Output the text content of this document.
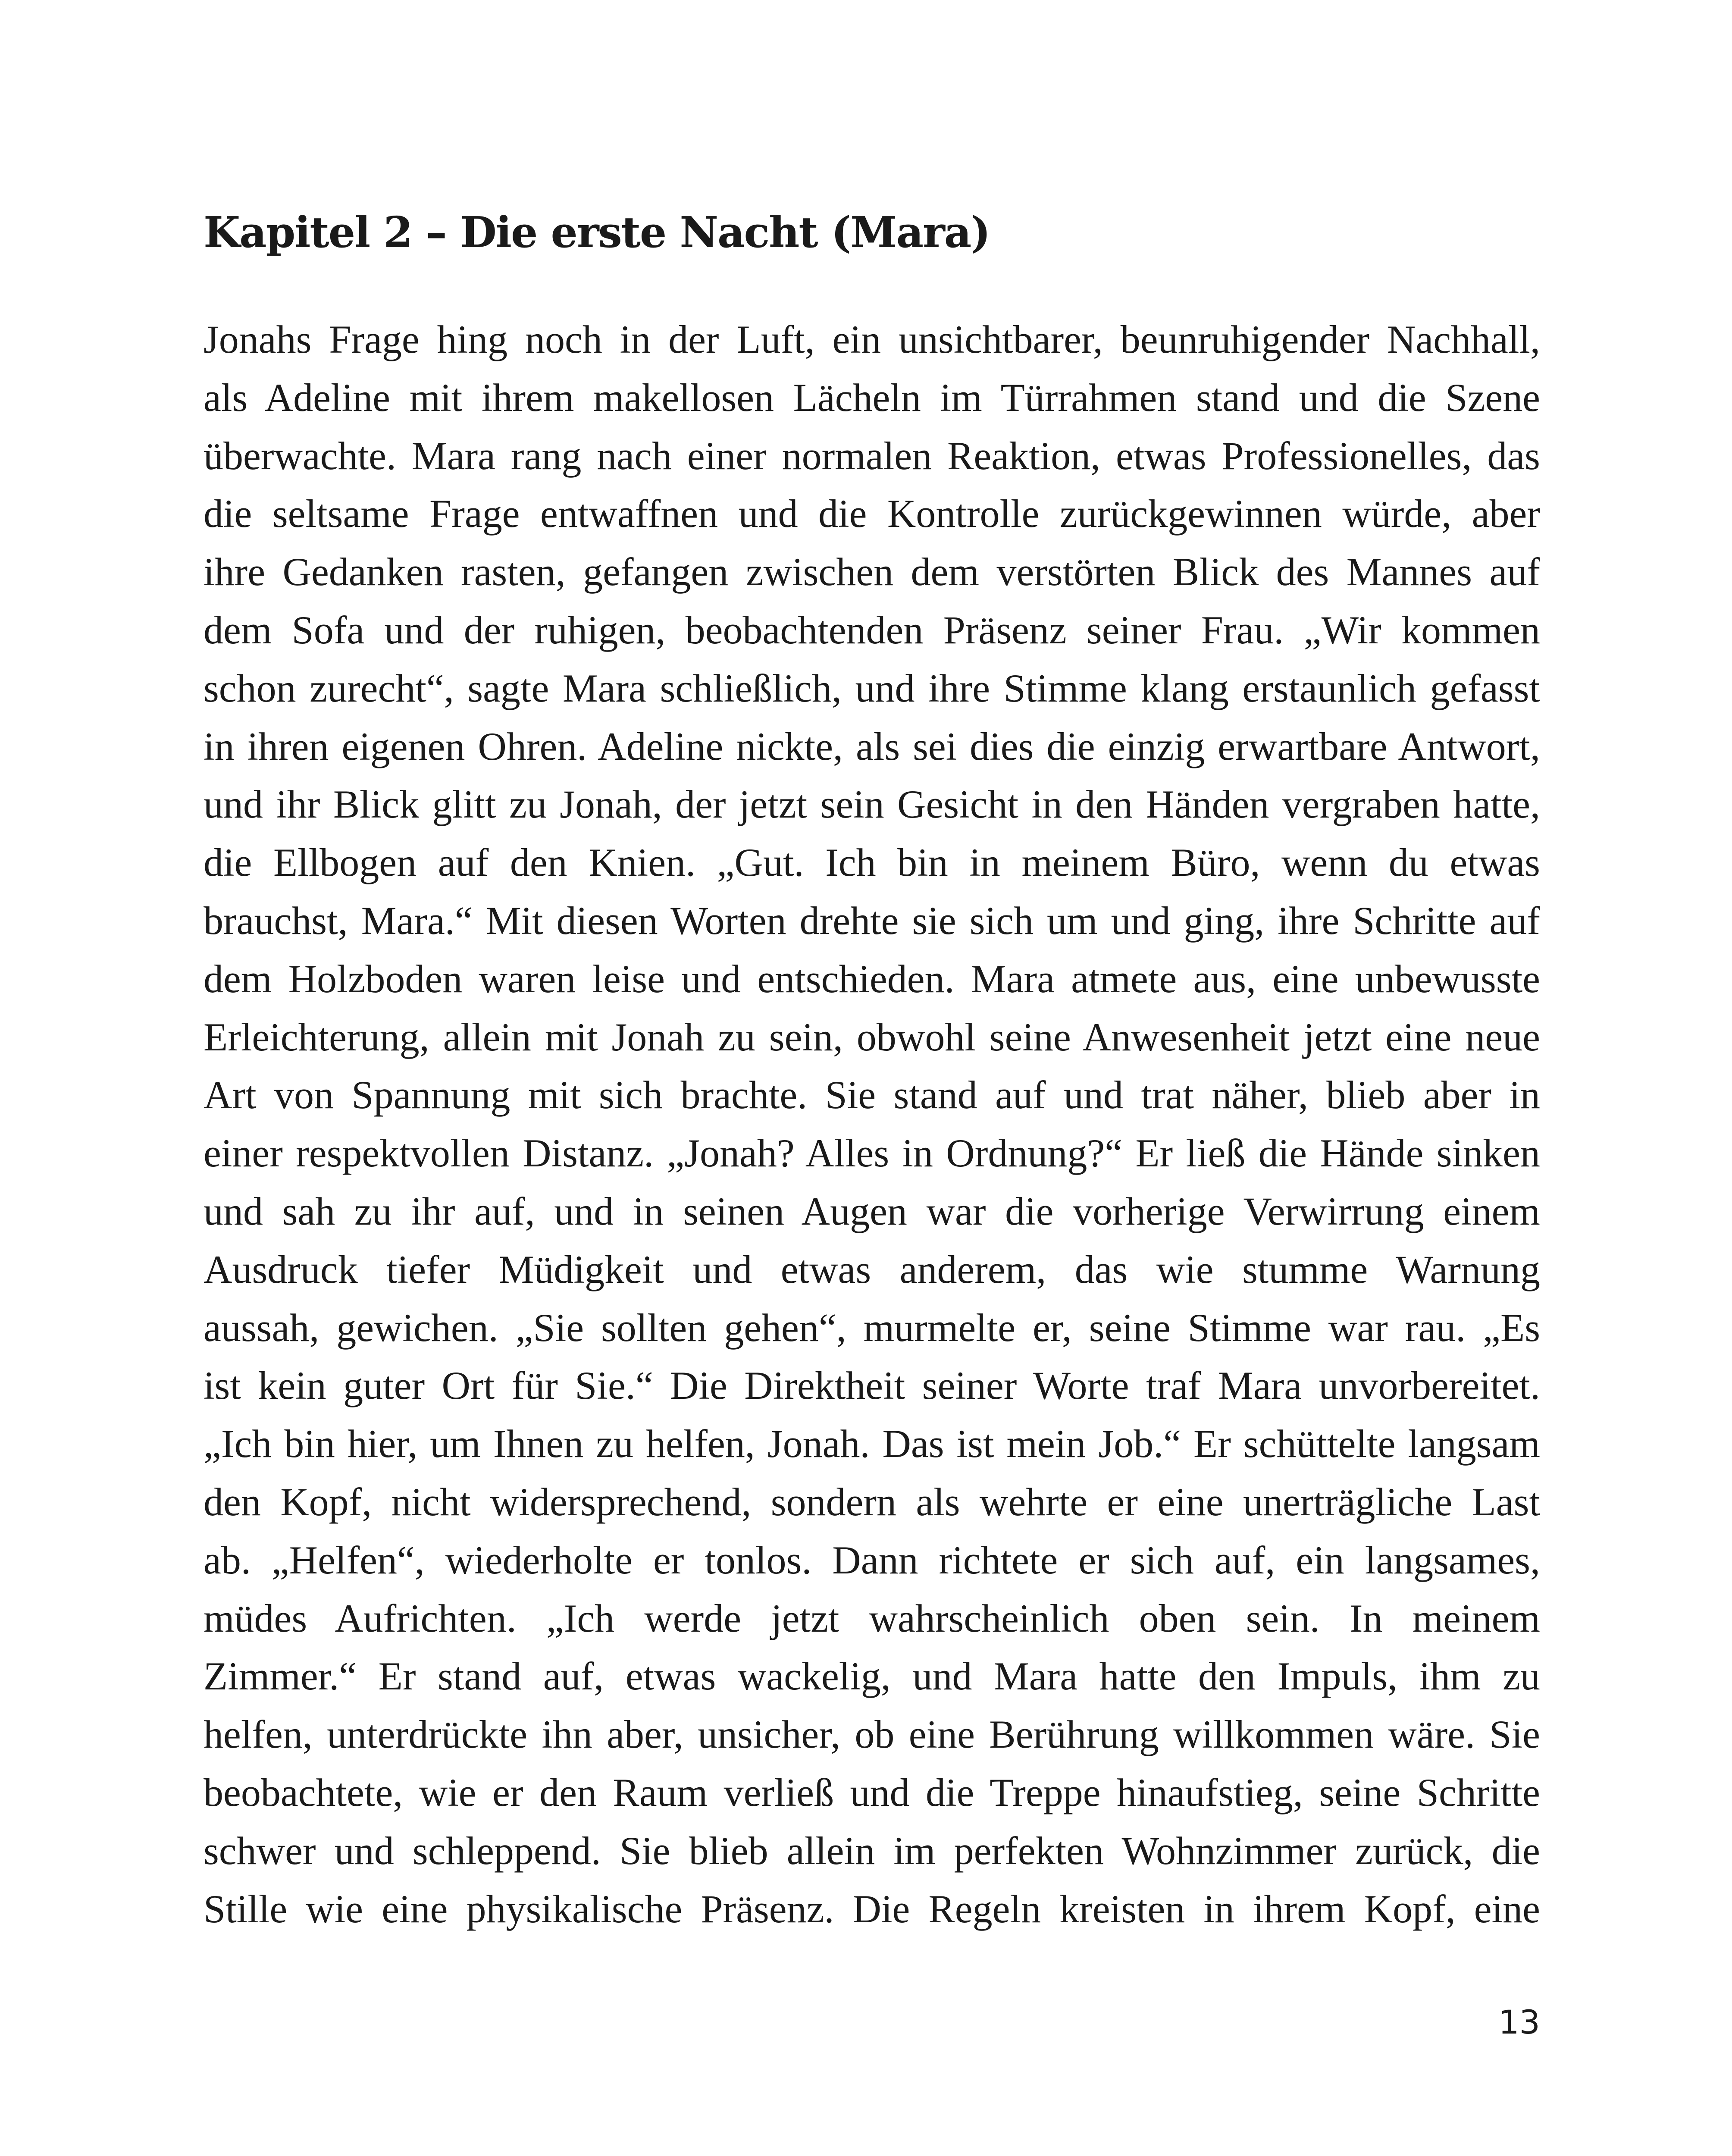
Kapitel 2 – Die erste Nacht (Mara)
Jonahs Frage hing noch in der Luft, ein unsichtbarer, beunruhigender Nachhall,
als Adeline mit ihrem makellosen Lächeln im Türrahmen stand und die Szene
überwachte. Mara rang nach einer normalen Reaktion, etwas Professionelles, das
die seltsame Frage entwaffnen und die Kontrolle zurückgewinnen würde, aber
ihre Gedanken rasten, gefangen zwischen dem verstörten Blick des Mannes auf
dem Sofa und der ruhigen, beobachtenden Präsenz seiner Frau. „Wir kommen
schon zurecht“, sagte Mara schließlich, und ihre Stimme klang erstaunlich gefasst
in ihren eigenen Ohren. Adeline nickte, als sei dies die einzig erwartbare Antwort,
und ihr Blick glitt zu Jonah, der jetzt sein Gesicht in den Händen vergraben hatte,
die Ellbogen auf den Knien. „Gut. Ich bin in meinem Büro, wenn du etwas
brauchst, Mara.“ Mit diesen Worten drehte sie sich um und ging, ihre Schritte auf
dem Holzboden waren leise und entschieden. Mara atmete aus, eine unbewusste
Erleichterung, allein mit Jonah zu sein, obwohl seine Anwesenheit jetzt eine neue
Art von Spannung mit sich brachte. Sie stand auf und trat näher, blieb aber in
einer respektvollen Distanz. „Jonah? Alles in Ordnung?“ Er ließ die Hände sinken
und sah zu ihr auf, und in seinen Augen war die vorherige Verwirrung einem
Ausdruck tiefer Müdigkeit und etwas anderem, das wie stumme Warnung
aussah, gewichen. „Sie sollten gehen“, murmelte er, seine Stimme war rau. „Es
ist kein guter Ort für Sie.“ Die Direktheit seiner Worte traf Mara unvorbereitet.
„Ich bin hier, um Ihnen zu helfen, Jonah. Das ist mein Job.“ Er schüttelte langsam
den Kopf, nicht widersprechend, sondern als wehrte er eine unerträgliche Last
ab. „Helfen“, wiederholte er tonlos. Dann richtete er sich auf, ein langsames,
müdes Aufrichten. „Ich werde jetzt wahrscheinlich oben sein. In meinem
Zimmer.“ Er stand auf, etwas wackelig, und Mara hatte den Impuls, ihm zu
helfen, unterdrückte ihn aber, unsicher, ob eine Berührung willkommen wäre. Sie
beobachtete, wie er den Raum verließ und die Treppe hinaufstieg, seine Schritte
schwer und schleppend. Sie blieb allein im perfekten Wohnzimmer zurück, die
Stille wie eine physikalische Präsenz. Die Regeln kreisten in ihrem Kopf, eine
13
